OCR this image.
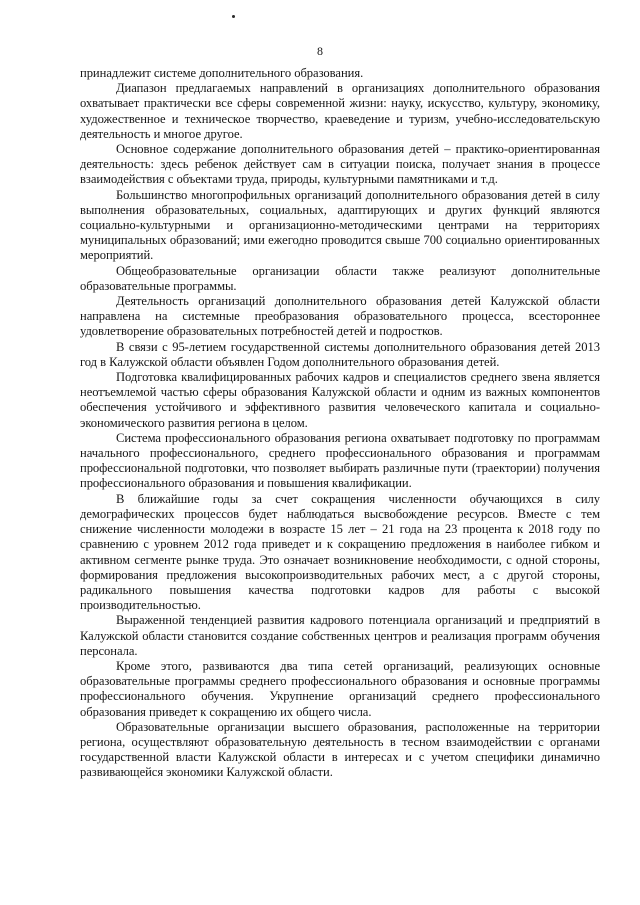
8

принадлежит системе дополнительного образования.

Диапазон предлагаемых направлений в организациях дополнительного образования охватывает практически все сферы современной жизни: науку, искусство, культуру, экономику, художественное и техническое творчество, краеведение и туризм, учебно-исследовательскую деятельность и многое другое.

Основное содержание дополнительного образования детей – практико-ориентированная деятельность: здесь ребенок действует сам в ситуации поиска, получает знания в процессе взаимодействия с объектами труда, природы, культурными памятниками и т.д.

Большинство многопрофильных организаций дополнительного образования детей в силу выполнения образовательных, социальных, адаптирующих и других функций являются социально-культурными и организационно-методическими центрами на территориях муниципальных образований; ими ежегодно проводится свыше 700 социально ориентированных мероприятий.

Общеобразовательные организации области также реализуют дополнительные образовательные программы.

Деятельность организаций дополнительного образования детей Калужской области направлена на системные преобразования образовательного процесса, всестороннее удовлетворение образовательных потребностей детей и подростков.

В связи с 95-летием государственной системы дополнительного образования детей 2013 год в Калужской области объявлен Годом дополнительного образования детей.

Подготовка квалифицированных рабочих кадров и специалистов среднего звена является неотъемлемой частью сферы образования Калужской области и одним из важных компонентов обеспечения устойчивого и эффективного развития человеческого капитала и социально-экономического развития региона в целом.

Система профессионального образования региона охватывает подготовку по программам начального профессионального, среднего профессионального образования и программам профессиональной подготовки, что позволяет выбирать различные пути (траектории) получения профессионального образования и повышения квалификации.

В ближайшие годы за счет сокращения численности обучающихся в силу демографических процессов будет наблюдаться высвобождение ресурсов. Вместе с тем снижение численности молодежи в возрасте 15 лет – 21 года на 23 процента к 2018 году по сравнению с уровнем 2012 года приведет и к сокращению предложения в наиболее гибком и активном сегменте рынке труда. Это означает возникновение необходимости, с одной стороны, формирования предложения высокопроизводительных рабочих мест, а с другой стороны, радикального повышения качества подготовки кадров для работы с высокой производительностью.

Выраженной тенденцией развития кадрового потенциала организаций и предприятий в Калужской области становится создание собственных центров и реализация программ обучения персонала.

Кроме этого, развиваются два типа сетей организаций, реализующих основные образовательные программы среднего профессионального образования и основные программы профессионального обучения. Укрупнение организаций среднего профессионального образования приведет к сокращению их общего числа.

Образовательные организации высшего образования, расположенные на территории региона, осуществляют образовательную деятельность в тесном взаимодействии с органами государственной власти Калужской области в интересах и с учетом специфики динамично развивающейся экономики Калужской области.
